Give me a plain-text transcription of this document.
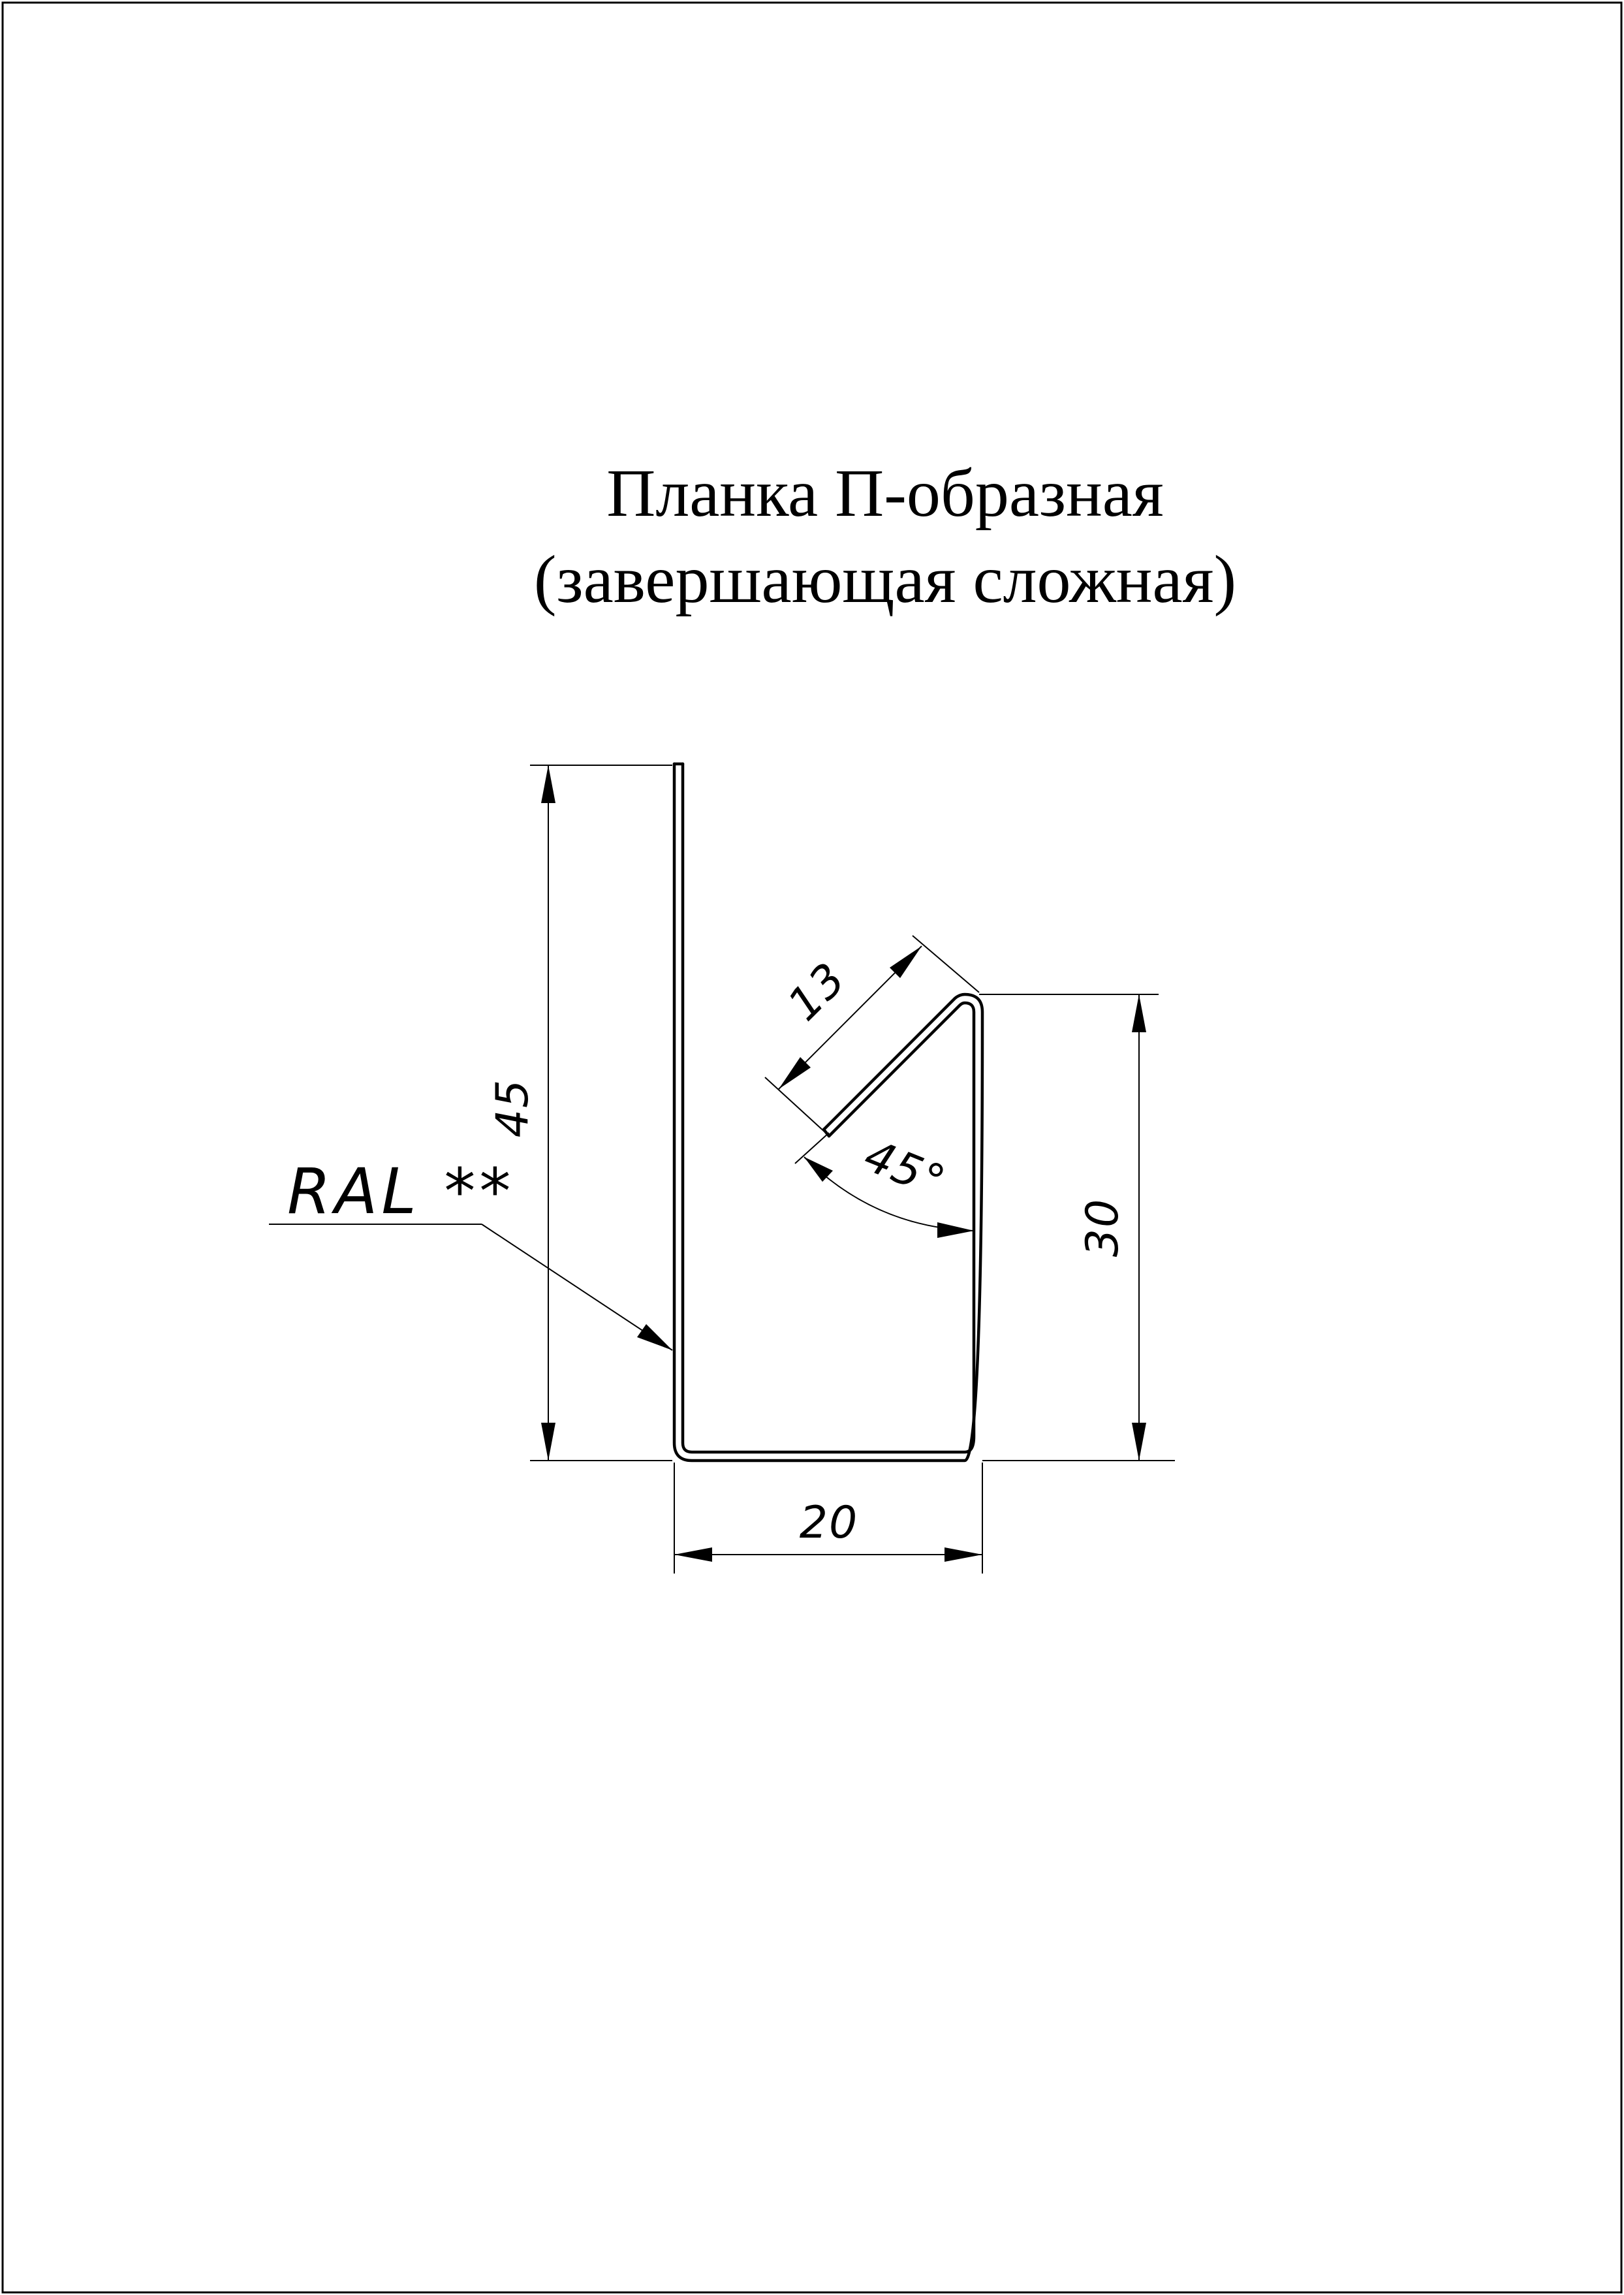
Планка П-образная
(завершающая сложная)
45
30
20
13
45°
RAL **
